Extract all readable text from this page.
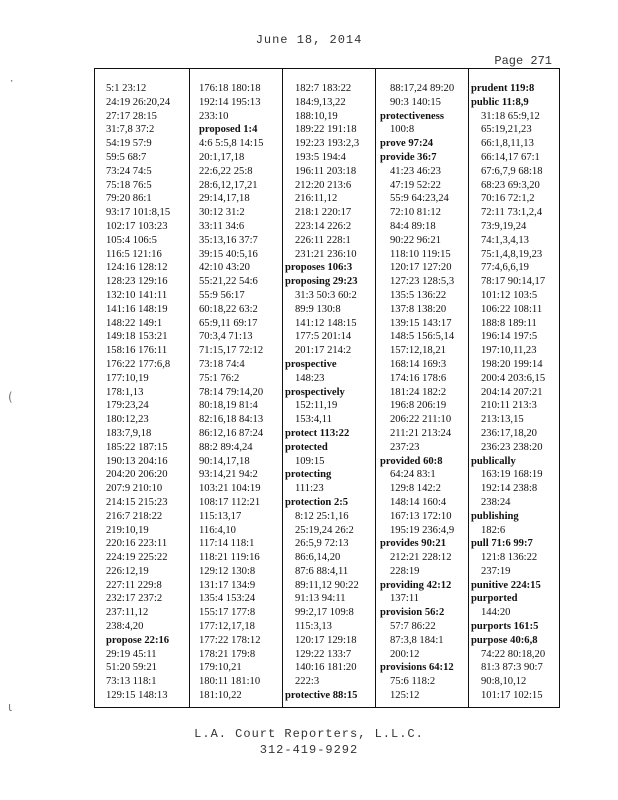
June 18, 2014
Page 271
⸱
(
ι
5:1 23:12
24:19 26:20,24
27:17 28:15
31:7,8 37:2
54:19 57:9
59:5 68:7
73:24 74:5
75:18 76:5
79:20 86:1
93:17 101:8,15
102:17 103:23
105:4 106:5
116:5 121:16
124:16 128:12
128:23 129:16
132:10 141:11
141:16 148:19
148:22 149:1
149:18 153:21
158:16 176:11
176:22 177:6,8
177:10,19
178:1,13
179:23,24
180:12,23
183:7,9,18
185:22 187:15
190:13 204:16
204:20 206:20
207:9 210:10
214:15 215:23
216:7 218:22
219:10,19
220:16 223:11
224:19 225:22
226:12,19
227:11 229:8
232:17 237:2
237:11,12
238:4,20
propose 22:16
29:19 45:11
51:20 59:21
73:13 118:1
129:15 148:13
176:18 180:18
192:14 195:13
233:10
proposed 1:4
4:6 5:5,8 14:15
20:1,17,18
22:6,22 25:8
28:6,12,17,21
29:14,17,18
30:12 31:2
33:11 34:6
35:13,16 37:7
39:15 40:5,16
42:10 43:20
55:21,22 54:6
55:9 56:17
60:18,22 63:2
65:9,11 69:17
70:3,4 71:13
71:15,17 72:12
73:18 74:4
75:1 76:2
78:14 79:14,20
80:18,19 81:4
82:16,18 84:13
86:12,16 87:24
88:2 89:4,24
90:14,17,18
93:14,21 94:2
103:21 104:19
108:17 112:21
115:13,17
116:4,10
117:14 118:1
118:21 119:16
129:12 130:8
131:17 134:9
135:4 153:24
155:17 177:8
177:12,17,18
177:22 178:12
178:21 179:8
179:10,21
180:11 181:10
181:10,22
182:7 183:22
184:9,13,22
188:10,19
189:22 191:18
192:23 193:2,3
193:5 194:4
196:11 203:18
212:20 213:6
216:11,12
218:1 220:17
223:14 226:2
226:11 228:1
231:21 236:10
proposes 106:3
proposing 29:23
31:3 50:3 60:2
89:9 130:8
141:12 148:15
177:5 201:14
201:17 214:2
prospective
148:23
prospectively
152:11,19
153:4,11
protect 113:22
protected
109:15
protecting
111:23
protection 2:5
8:12 25:1,16
25:19,24 26:2
26:5,9 72:13
86:6,14,20
87:6 88:4,11
89:11,12 90:22
91:13 94:11
99:2,17 109:8
115:3,13
120:17 129:18
129:22 133:7
140:16 181:20
222:3
protective 88:15
88:17,24 89:20
90:3 140:15
protectiveness
100:8
prove 97:24
provide 36:7
41:23 46:23
47:19 52:22
55:9 64:23,24
72:10 81:12
84:4 89:18
90:22 96:21
118:10 119:15
120:17 127:20
127:23 128:5,3
135:5 136:22
137:8 138:20
139:15 143:17
148:5 156:5,14
157:12,18,21
168:14 169:3
174:16 178:6
181:24 182:2
196:8 206:19
206:22 211:10
211:21 213:24
237:23
provided 60:8
64:24 83:1
129:8 142:2
148:14 160:4
167:13 172:10
195:19 236:4,9
provides 90:21
212:21 228:12
228:19
providing 42:12
137:11
provision 56:2
57:7 86:22
87:3,8 184:1
200:12
provisions 64:12
75:6 118:2
125:12
prudent 119:8
public 11:8,9
31:18 65:9,12
65:19,21,23
66:1,8,11,13
66:14,17 67:1
67:6,7,9 68:18
68:23 69:3,20
70:16 72:1,2
72:11 73:1,2,4
73:9,19,24
74:1,3,4,13
75:1,4,8,19,23
77:4,6,6,19
78:17 90:14,17
101:12 103:5
106:22 108:11
188:8 189:11
196:14 197:5
197:10,11,23
198:20 199:14
200:4 203:6,15
204:14 207:21
210:11 213:3
213:13,15
236:17,18,20
236:23 238:20
publically
163:19 168:19
192:14 238:8
238:24
publishing
182:6
pull 71:6 99:7
121:8 136:22
237:19
punitive 224:15
purported
144:20
purports 161:5
purpose 40:6,8
74:22 80:18,20
81:3 87:3 90:7
90:8,10,12
101:17 102:15
L.A. Court Reporters, L.L.C.
312-419-9292
